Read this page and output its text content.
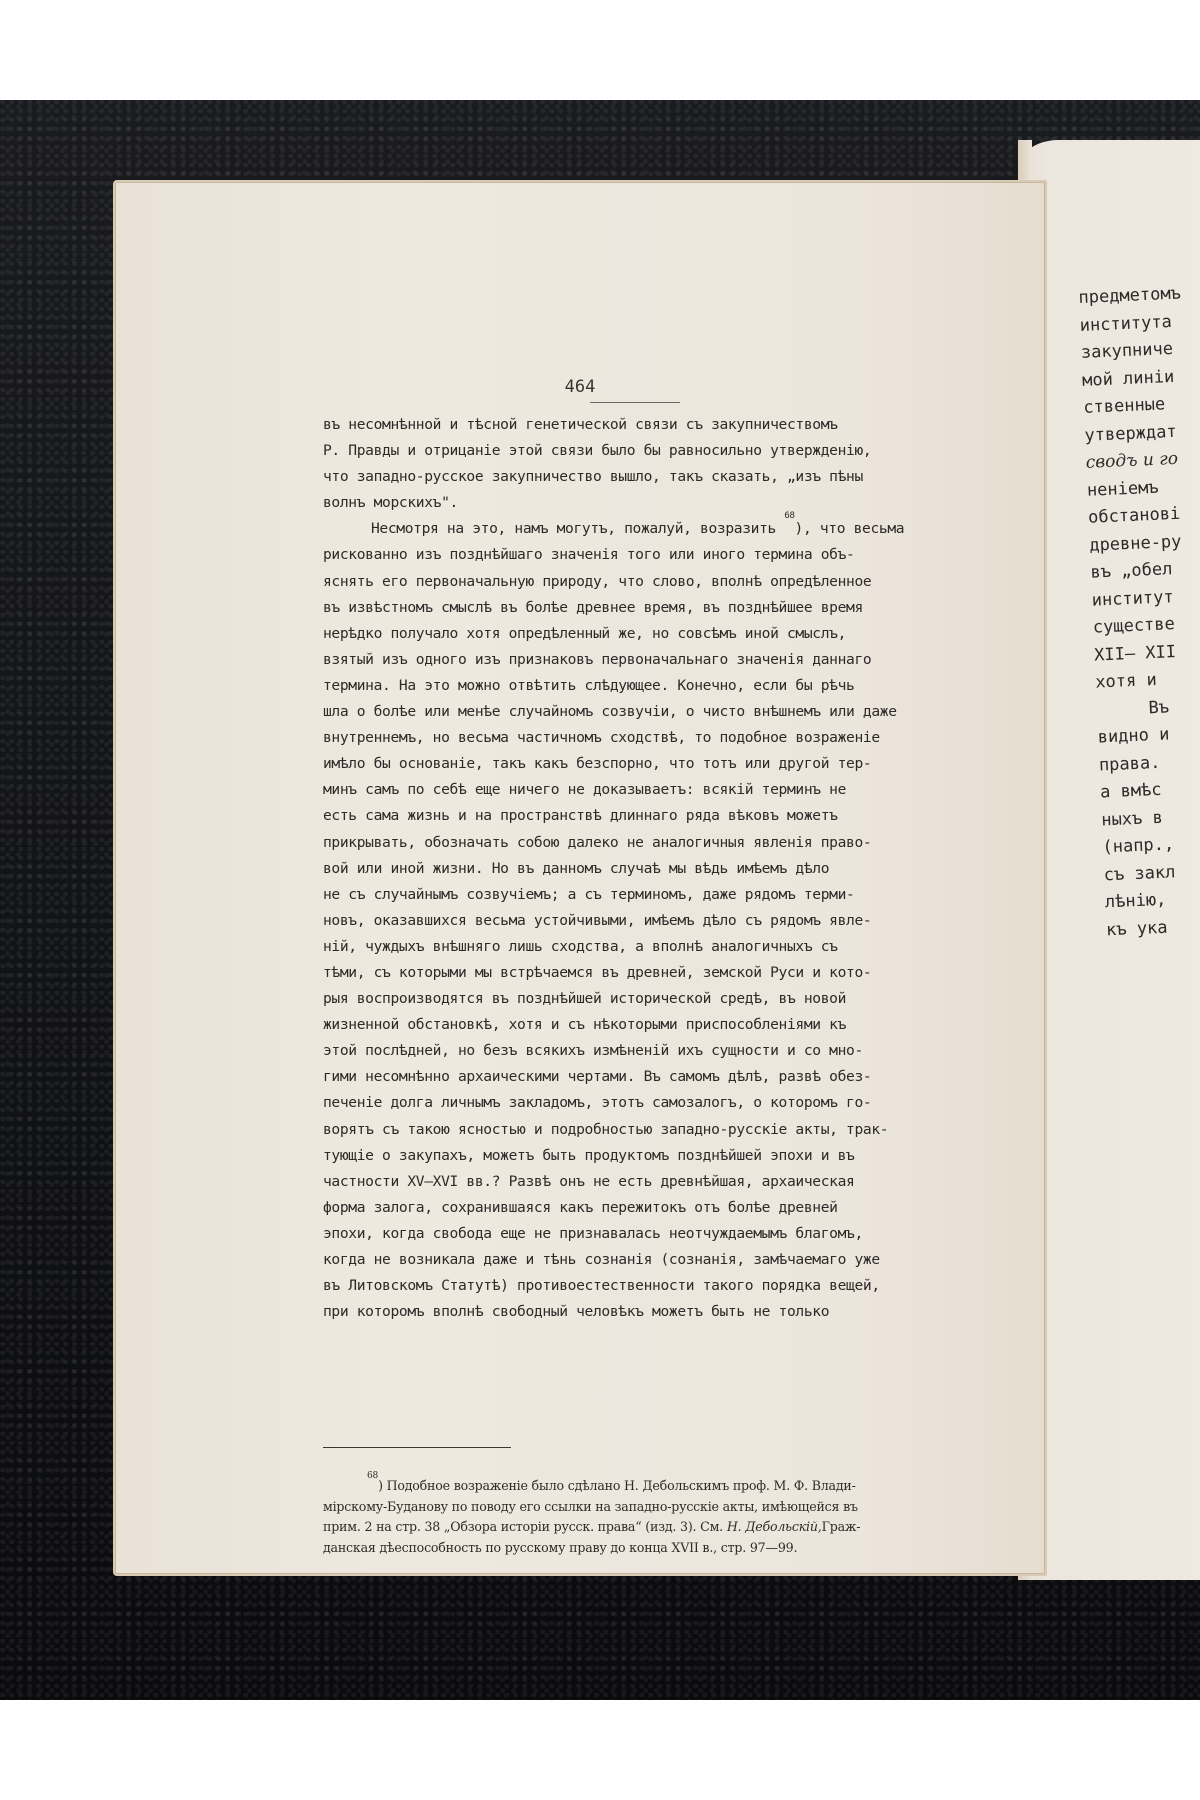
предметомъ
института
закупниче
мой линіи
ственные
утверждат
сводъ и го
неніемъ
обстанові
древне-ру
въ „обел
институт
существе
XII— XII
хотя и
Въ
видно и
права.
а вмѣс
ныхъ в
(напр.,
съ закл
лѣнію,
къ ука
464
въ несомнѣнной и тѣсной генетической связи съ закупничествомъ
Р. Правды и отрицаніе этой связи было бы равносильно утвержденію,
что западно-русское закупничество вышло, такъ сказать, „изъ пѣны
волнъ морскихъ".
Несмотря на это, намъ могутъ, пожалуй, возразить

68
), что весьма
рискованно изъ позднѣйшаго значенія того или иного термина объ-
яснять его первоначальную природу, что слово, вполнѣ опредѣленное
въ извѣстномъ смыслѣ въ болѣе древнее время, въ позднѣйшее время
нерѣдко получало хотя опредѣленный же, но совсѣмъ иной смыслъ,
взятый изъ одного изъ признаковъ первоначальнаго значенія даннаго
термина. На это можно отвѣтить слѣдующее. Конечно, если бы рѣчь
шла о болѣе или менѣе случайномъ созвучіи, о чисто внѣшнемъ или даже
внутреннемъ, но весьма частичномъ сходствѣ, то подобное возраженіе
имѣло бы основаніе, такъ какъ безспорно, что тотъ или другой тер-
минъ самъ по себѣ еще ничего не доказываетъ: всякій терминъ не
есть сама жизнь и на пространствѣ длиннаго ряда вѣковъ можетъ
прикрывать, обозначать собою далеко не аналогичныя явленія право-
вой или иной жизни. Но въ данномъ случаѣ мы вѣдь имѣемъ дѣло
не съ случайнымъ созвучіемъ; а съ терминомъ, даже рядомъ терми-
новъ, оказавшихся весьма устойчивыми, имѣемъ дѣло съ рядомъ явле-
ній, чуждыхъ внѣшняго лишь сходства, а вполнѣ аналогичныхъ съ
тѣми, съ которыми мы встрѣчаемся въ древней, земской Руси и кото-
рыя воспроизводятся въ позднѣйшей исторической средѣ, въ новой
жизненной обстановкѣ, хотя и съ нѣкоторыми приспособленіями къ
этой послѣдней, но безъ всякихъ измѣненій ихъ сущности и со мно-
гими несомнѣнно архаическими чертами. Въ самомъ дѣлѣ, развѣ обез-
печеніе долга личнымъ закладомъ, этотъ самозалогъ, о которомъ го-
ворятъ съ такою ясностью и подробностью западно-русскіе акты, трак-
тующіе о закупахъ, можетъ быть продуктомъ позднѣйшей эпохи и въ
частности XV—XVI вв.? Развѣ онъ не есть древнѣйшая, архаическая
форма залога, сохранившаяся какъ пережитокъ отъ болѣе древней
эпохи, когда свобода еще не признавалась неотчуждаемымъ благомъ,
когда не возникала даже и тѣнь сознанія (сознанія, замѣчаемаго уже
въ Литовскомъ Статутѣ) противоестественности такого порядка вещей,
при которомъ вполнѣ свободный человѣкъ можетъ быть не только
68
) Подобное возраженіе было сдѣлано Н. Дебольскимъ проф. М. Ф. Влади-
мірскому-Буданову по поводу его ссылки на западно-русскіе акты, имѣющейся въ
прим. 2 на стр. 38 „Обзора исторіи русск. права“ (изд. 3). См.
Н. Дебольскій, Граж-
данская дѣеспособность по русскому праву до конца XVII в., стр. 97—99.
